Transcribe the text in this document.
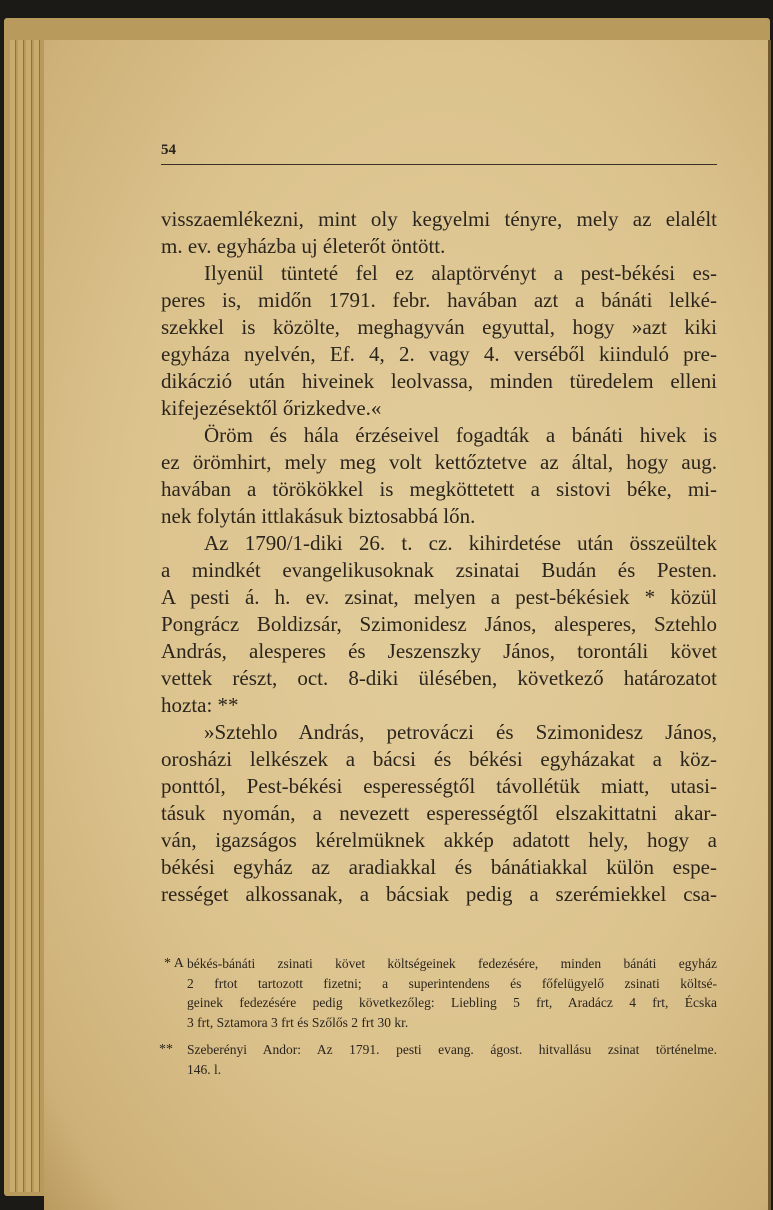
54
visszaemlékezni, mint oly kegyelmi tényre, mely az elalélt
m. ev. egyházba uj életerőt öntött.
Ilyenül tünteté fel ez alaptörvényt a pest-békési es-
peres is, midőn 1791. febr. havában azt a bánáti lelké-
szekkel is közölte, meghagyván egyuttal, hogy »azt kiki
egyháza nyelvén, Ef. 4, 2. vagy 4. verséből kiinduló pre-
dikáczió után hiveinek leolvassa, minden türedelem elleni
kifejezésektől őrizkedve.«
Öröm és hála érzéseivel fogadták a bánáti hivek is
ez örömhirt, mely meg volt kettőztetve az által, hogy aug.
havában a törökökkel is megköttetett a sistovi béke, mi-
nek folytán ittlakásuk biztosabbá lőn.
Az 1790/1-diki 26. t. cz. kihirdetése után összeültek
a mindkét evangelikusoknak zsinatai Budán és Pesten.
A pesti á. h. ev. zsinat, melyen a pest-békésiek * közül
Pongrácz Boldizsár, Szimonidesz János, alesperes, Sztehlo
András, alesperes és Jeszenszky János, torontáli követ
vettek részt, oct. 8-diki ülésében, következő határozatot
hozta: **
»Sztehlo András, petrováczi és Szimonidesz János,
orosházi lelkészek a bácsi és békési egyházakat a köz-
ponttól, Pest-békési esperességtől távollétük miatt, utasi-
tásuk nyomán, a nevezett esperességtől elszakittatni akar-
ván, igazságos kérelmüknek akkép adatott hely, hogy a
békési egyház az aradiakkal és bánátiakkal külön espe-
rességet alkossanak, a bácsiak pedig a szerémiekkel csa-
* A békés-bánáti zsinati követ költségeinek fedezésére, minden bánáti egyház
2 frtot tartozott fizetni; a superintendens és főfelügyelő zsinati költsé-
geinek fedezésére pedig következőleg: Liebling 5 frt, Aradácz 4 frt, Écska
3 frt, Sztamora 3 frt és Szőlős 2 frt 30 kr.
** Szeberényi Andor: Az 1791. pesti evang. ágost. hitvallásu zsinat történelme.
146. l.
